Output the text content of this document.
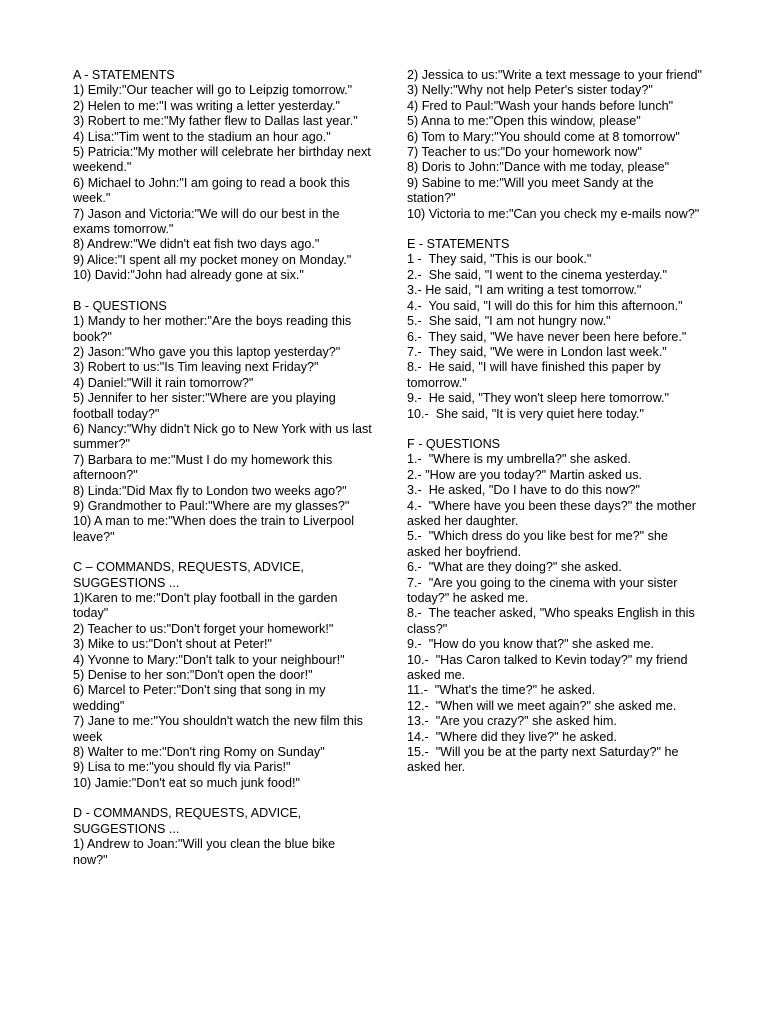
A - STATEMENTS
1) Emily:"Our teacher will go to Leipzig tomorrow."
2) Helen to me:"I was writing a letter yesterday."
3) Robert to me:"My father flew to Dallas last year."
4) Lisa:"Tim went to the stadium an hour ago."
5) Patricia:"My mother will celebrate her birthday next weekend."
6) Michael to John:"I am going to read a book this week."
7) Jason and Victoria:"We will do our best in the exams tomorrow."
8) Andrew:"We didn't eat fish two days ago."
9) Alice:"I spent all my pocket money on Monday."
10) David:"John had already gone at six."
B - QUESTIONS
1) Mandy to her mother:"Are the boys reading this book?"
2) Jason:"Who gave you this laptop yesterday?"
3) Robert to us:"Is Tim leaving next Friday?"
4) Daniel:"Will it rain tomorrow?"
5) Jennifer to her sister:"Where are you playing football today?"
6) Nancy:"Why didn't Nick go to New York with us last summer?"
7) Barbara to me:"Must I do my homework this afternoon?"
8) Linda:"Did Max fly to London two weeks ago?"
9) Grandmother to Paul:"Where are my glasses?"
10) A man to me:"When does the train to Liverpool leave?"
C – COMMANDS, REQUESTS, ADVICE, SUGGESTIONS ...
1)Karen to me:"Don't play football in the garden today"
2) Teacher to us:"Don't forget your homework!"
3) Mike to us:"Don't shout at Peter!"
4) Yvonne to Mary:"Don't talk to your neighbour!"
5) Denise to her son:"Don't open the door!"
6) Marcel to Peter:"Don't sing that song in my wedding"
7) Jane to me:"You shouldn't watch the new film this week
8) Walter to me:"Don't ring Romy on Sunday"
9) Lisa to me:"you should fly via Paris!"
10) Jamie:"Don't eat so much junk food!"
D - COMMANDS, REQUESTS, ADVICE, SUGGESTIONS ...
1) Andrew to Joan:"Will you clean the blue bike now?"
2) Jessica to us:"Write a text message to your friend"
3) Nelly:"Why not help Peter's sister today?"
4) Fred to Paul:"Wash your hands before lunch"
5) Anna to me:"Open this window, please"
6) Tom to Mary:"You should come at 8 tomorrow"
7) Teacher to us:"Do your homework now"
8) Doris to John:"Dance with me today, please"
9) Sabine to me:"Will you meet Sandy at the station?"
10) Victoria to me:"Can you check my e-mails now?"
E - STATEMENTS
1 -  They said, "This is our book."
2.-  She said, "I went to the cinema yesterday."
3.- He said, "I am writing a test tomorrow."
4.-  You said, "I will do this for him this afternoon."
5.-  She said, "I am not hungry now."
6.-  They said, "We have never been here before."
7.-  They said, "We were in London last week."
8.-  He said, "I will have finished this paper by tomorrow."
9.-  He said, "They won't sleep here tomorrow."
10.-  She said, "It is very quiet here today."
F - QUESTIONS
1.-  "Where is my umbrella?" she asked.
2.- "How are you today?" Martin asked us.
3.-  He asked, "Do I have to do this now?"
4.-  "Where have you been these days?" the mother asked her daughter.
5.-  "Which dress do you like best for me?" she asked her boyfriend.
6.-  "What are they doing?" she asked.
7.-  "Are you going to the cinema with your sister today?" he asked me.
8.-  The teacher asked, "Who speaks English in this class?"
9.-  "How do you know that?" she asked me.
10.-  "Has Caron talked to Kevin today?" my friend asked me.
11.-  "What's the time?" he asked.
12.-  "When will we meet again?" she asked me.
13.-  "Are you crazy?" she asked him.
14.-  "Where did they live?" he asked.
15.-  "Will you be at the party next Saturday?" he asked her.
